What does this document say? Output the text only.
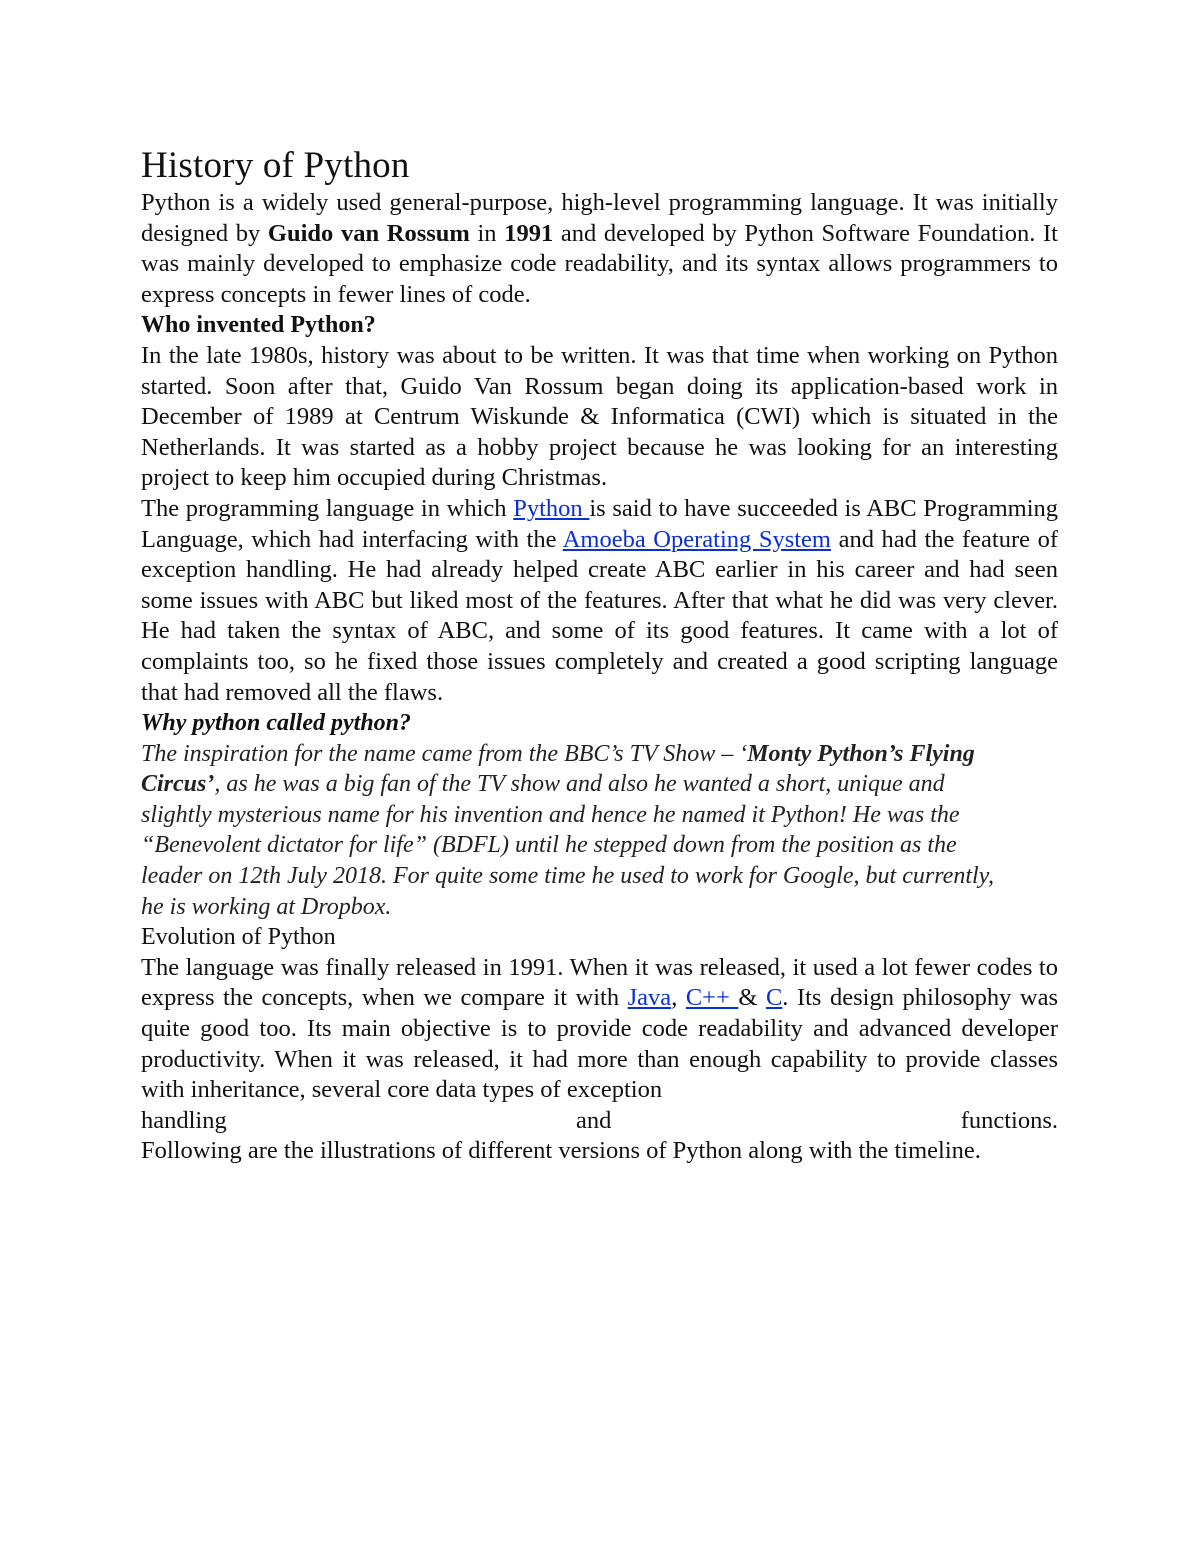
History of Python

Python is a widely used general-purpose, high-level programming language. It was initially designed by Guido van Rossum in 1991 and developed by Python Software Foundation. It was mainly developed to emphasize code readability, and its syntax allows programmers to express concepts in fewer lines of code.

Who invented Python?

In the late 1980s, history was about to be written. It was that time when working on Python started. Soon after that, Guido Van Rossum began doing its application-based work in December of 1989 at Centrum Wiskunde & Informatica (CWI) which is situated in the Netherlands. It was started as a hobby project because he was looking for an interesting project to keep him occupied during Christmas.

The programming language in which Python is said to have succeeded is ABC Programming Language, which had interfacing with the Amoeba Operating System and had the feature of exception handling. He had already helped create ABC earlier in his career and had seen some issues with ABC but liked most of the features. After that what he did was very clever. He had taken the syntax of ABC, and some of its good features. It came with a lot of complaints too, so he fixed those issues completely and created a good scripting language that had removed all the flaws.

Why python called python?

The inspiration for the name came from the BBC’s TV Show – ‘Monty Python’s Flying Circus’, as he was a big fan of the TV show and also he wanted a short, unique and slightly mysterious name for his invention and hence he named it Python! He was the “Benevolent dictator for life” (BDFL) until he stepped down from the position as the leader on 12th July 2018. For quite some time he used to work for Google, but currently, he is working at Dropbox.

Evolution of Python

The language was finally released in 1991. When it was released, it used a lot fewer codes to express the concepts, when we compare it with Java, C++ & C. Its design philosophy was quite good too. Its main objective is to provide code readability and advanced developer productivity. When it was released, it had more than enough capability to provide classes with inheritance, several core data types of exception

handling	and	functions.

Following are the illustrations of different versions of Python along with the timeline.
